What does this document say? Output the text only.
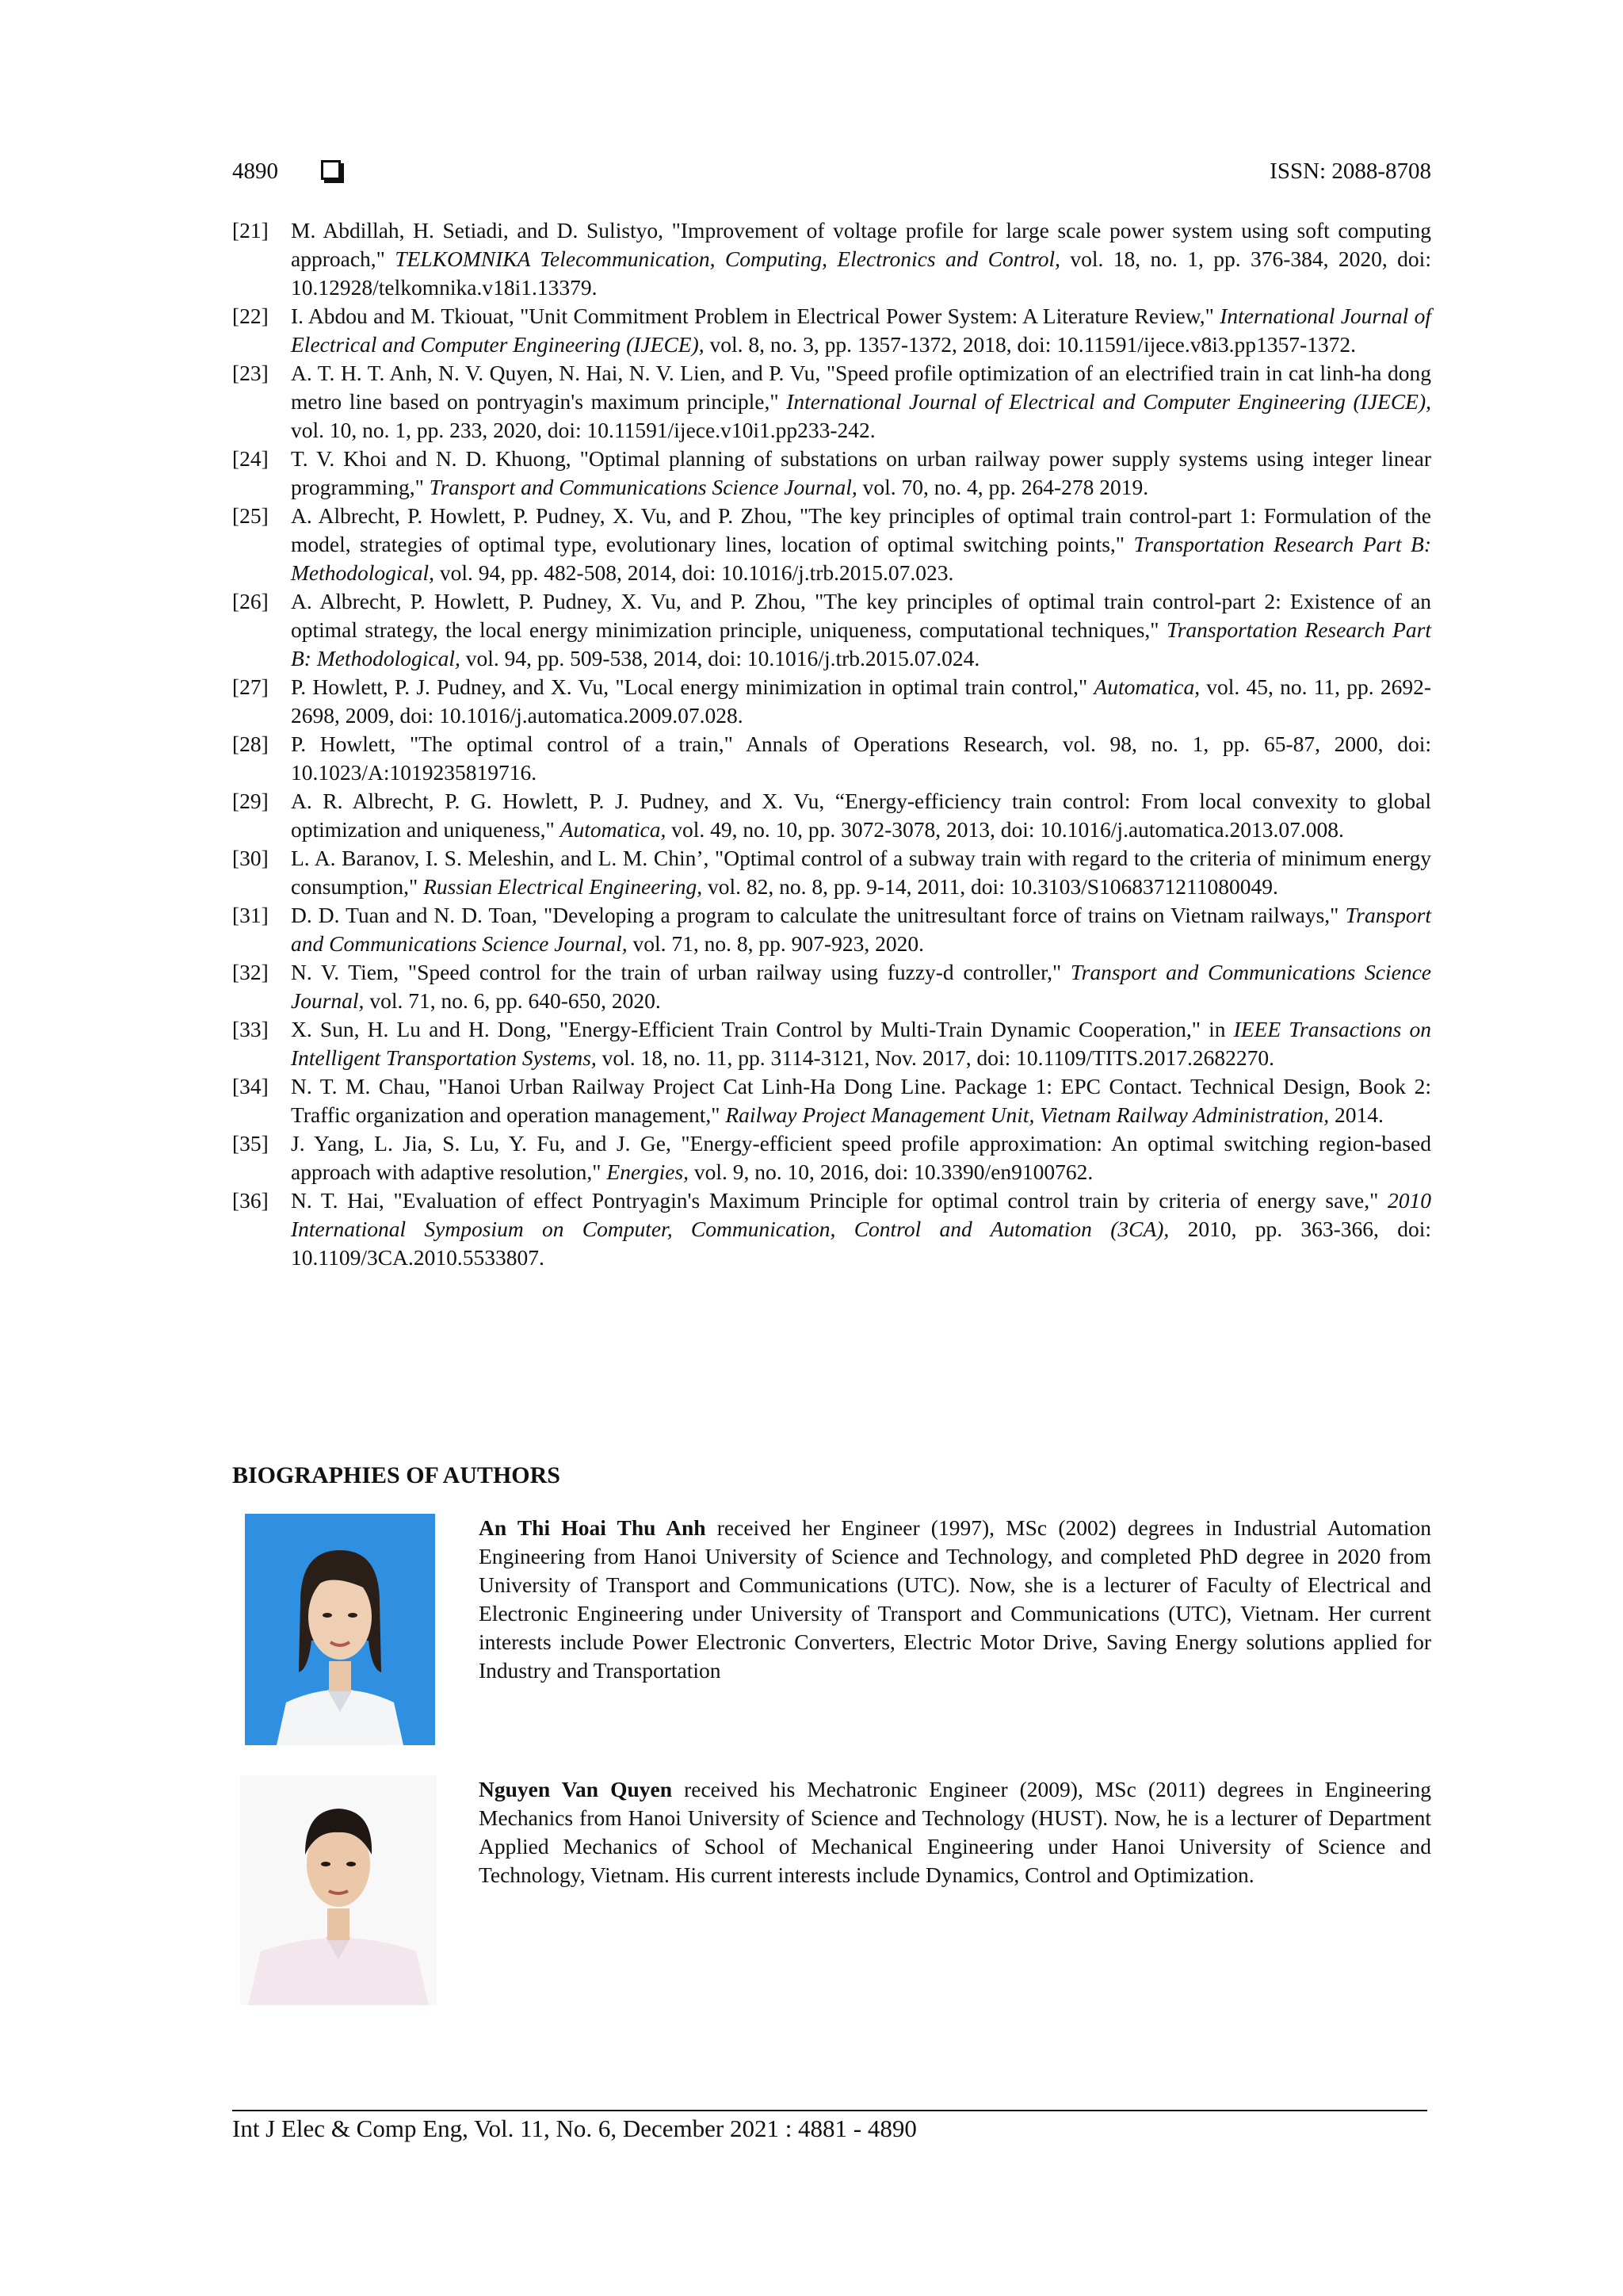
4890	ISSN: 2088-8708
[21]	M. Abdillah, H. Setiadi, and D. Sulistyo, "Improvement of voltage profile for large scale power system using soft computing approach," TELKOMNIKA Telecommunication, Computing, Electronics and Control, vol. 18, no. 1, pp. 376-384, 2020, doi: 10.12928/telkomnika.v18i1.13379.
[22]	I. Abdou and M. Tkiouat, "Unit Commitment Problem in Electrical Power System: A Literature Review," International Journal of Electrical and Computer Engineering (IJECE), vol. 8, no. 3, pp. 1357-1372, 2018, doi: 10.11591/ijece.v8i3.pp1357-1372.
[23]	A. T. H. T. Anh, N. V. Quyen, N. Hai, N. V. Lien, and P. Vu, "Speed profile optimization of an electrified train in cat linh-ha dong metro line based on pontryagin's maximum principle," International Journal of Electrical and Computer Engineering (IJECE), vol. 10, no. 1, pp. 233, 2020, doi: 10.11591/ijece.v10i1.pp233-242.
[24]	T. V. Khoi and N. D. Khuong, "Optimal planning of substations on urban railway power supply systems using integer linear programming," Transport and Communications Science Journal, vol. 70, no. 4, pp. 264-278 2019.
[25]	A. Albrecht, P. Howlett, P. Pudney, X. Vu, and P. Zhou, "The key principles of optimal train control-part 1: Formulation of the model, strategies of optimal type, evolutionary lines, location of optimal switching points," Transportation Research Part B: Methodological, vol. 94, pp. 482-508, 2014, doi: 10.1016/j.trb.2015.07.023.
[26]	A. Albrecht, P. Howlett, P. Pudney, X. Vu, and P. Zhou, "The key principles of optimal train control-part 2: Existence of an optimal strategy, the local energy minimization principle, uniqueness, computational techniques," Transportation Research Part B: Methodological, vol. 94, pp. 509-538, 2014, doi: 10.1016/j.trb.2015.07.024.
[27]	P. Howlett, P. J. Pudney, and X. Vu, "Local energy minimization in optimal train control," Automatica, vol. 45, no. 11, pp. 2692-2698, 2009, doi: 10.1016/j.automatica.2009.07.028.
[28]	P. Howlett, "The optimal control of a train," Annals of Operations Research, vol. 98, no. 1, pp. 65-87, 2000, doi: 10.1023/A:1019235819716.
[29]	A. R. Albrecht, P. G. Howlett, P. J. Pudney, and X. Vu, “Energy-efficiency train control: From local convexity to global optimization and uniqueness," Automatica, vol. 49, no. 10, pp. 3072-3078, 2013, doi: 10.1016/j.automatica.2013.07.008.
[30]	L. A. Baranov, I. S. Meleshin, and L. M. Chin’, "Optimal control of a subway train with regard to the criteria of minimum energy consumption," Russian Electrical Engineering, vol. 82, no. 8, pp. 9-14, 2011, doi: 10.3103/S1068371211080049.
[31]	D. D. Tuan and N. D. Toan, "Developing a program to calculate the unitresultant force of trains on Vietnam railways," Transport and Communications Science Journal, vol. 71, no. 8, pp. 907-923, 2020.
[32]	N. V. Tiem, "Speed control for the train of urban railway using fuzzy-d controller," Transport and Communications Science Journal, vol. 71, no. 6, pp. 640-650, 2020.
[33]	X. Sun, H. Lu and H. Dong, "Energy-Efficient Train Control by Multi-Train Dynamic Cooperation," in IEEE Transactions on Intelligent Transportation Systems, vol. 18, no. 11, pp. 3114-3121, Nov. 2017, doi: 10.1109/TITS.2017.2682270.
[34]	N. T. M. Chau, "Hanoi Urban Railway Project Cat Linh-Ha Dong Line. Package 1: EPC Contact. Technical Design, Book 2: Traffic organization and operation management," Railway Project Management Unit, Vietnam Railway Administration, 2014.
[35]	J. Yang, L. Jia, S. Lu, Y. Fu, and J. Ge, "Energy-efficient speed profile approximation: An optimal switching region-based approach with adaptive resolution," Energies, vol. 9, no. 10, 2016, doi: 10.3390/en9100762.
[36]	N. T. Hai, "Evaluation of effect Pontryagin's Maximum Principle for optimal control train by criteria of energy save," 2010 International Symposium on Computer, Communication, Control and Automation (3CA), 2010, pp. 363-366, doi: 10.1109/3CA.2010.5533807.
BIOGRAPHIES OF AUTHORS
An Thi Hoai Thu Anh received her Engineer (1997), MSc (2002) degrees in Industrial Automation Engineering from Hanoi University of Science and Technology, and completed PhD degree in 2020 from University of Transport and Communications (UTC). Now, she is a lecturer of Faculty of Electrical and Electronic Engineering under University of Transport and Communications (UTC), Vietnam. Her current interests include Power Electronic Converters, Electric Motor Drive, Saving Energy solutions applied for Industry and Transportation
Nguyen Van Quyen received his Mechatronic Engineer (2009), MSc (2011) degrees in Engineering Mechanics from Hanoi University of Science and Technology (HUST). Now, he is a lecturer of Department Applied Mechanics of School of Mechanical Engineering under Hanoi University of Science and Technology, Vietnam. His current interests include Dynamics, Control and Optimization.
Int J Elec & Comp Eng, Vol. 11, No. 6, December 2021 : 4881 - 4890
